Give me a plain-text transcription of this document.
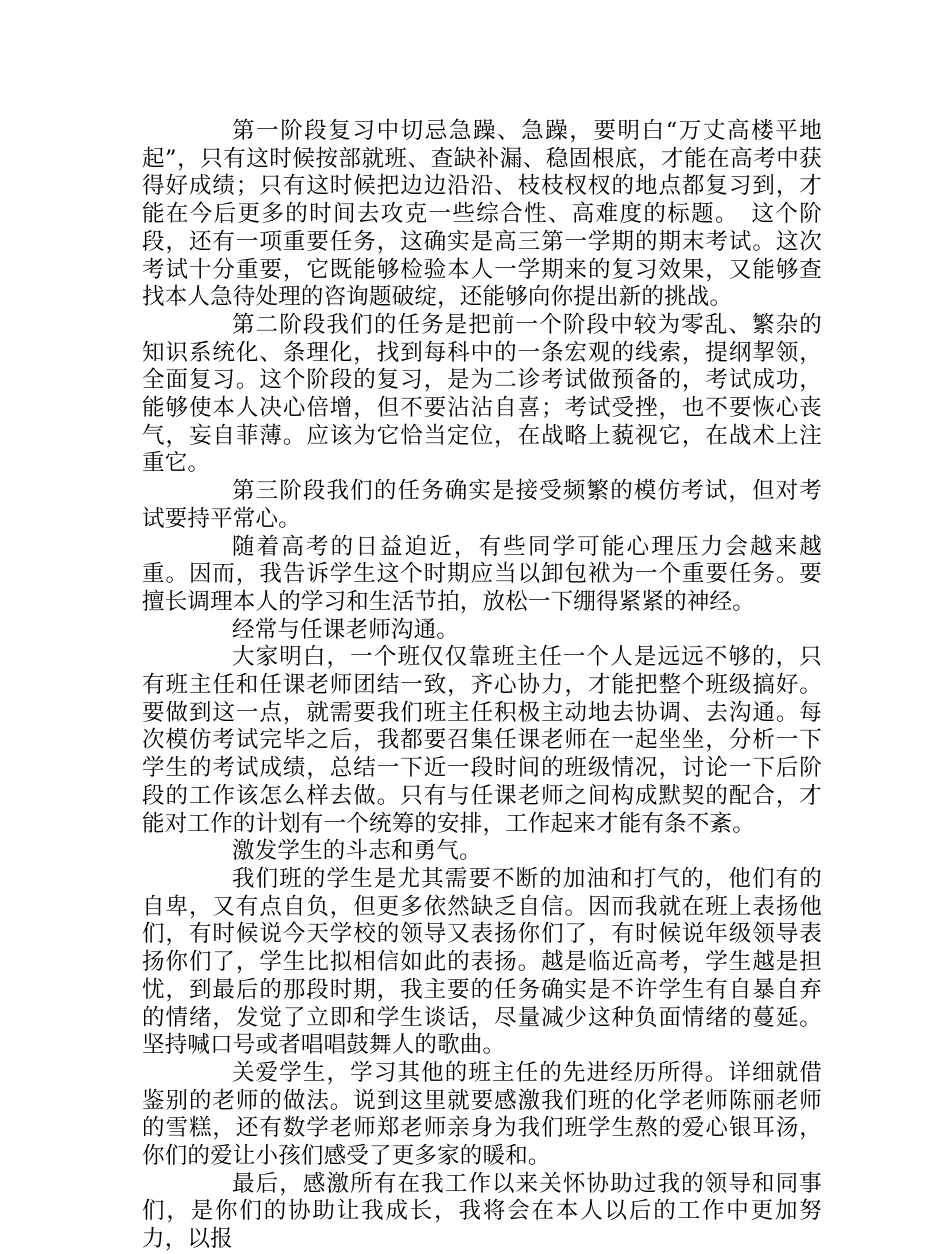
第一阶段复习中切忌急躁、急躁，要明白“万丈高楼平地起”，只有这时候按部就班、查缺补漏、稳固根底，才能在高考中获得好成绩；只有这时候把边边沿沿、枝枝杈杈的地点都复习到，才能在今后更多的时间去攻克一些综合性、高难度的标题。　这个阶段，还有一项重要任务，这确实是高三第一学期的期末考试。这次考试十分重要，它既能够检验本人一学期来的复习效果，又能够查找本人急待处理的咨询题破绽，还能够向你提出新的挑战。

第二阶段我们的任务是把前一个阶段中较为零乱、繁杂的知识系统化、条理化，找到每科中的一条宏观的线索，提纲挈领，全面复习。这个阶段的复习，是为二诊考试做预备的，考试成功，能够使本人决心倍增，但不要沾沾自喜；考试受挫，也不要恢心丧气，妄自菲薄。应该为它恰当定位，在战略上藐视它，在战术上注重它。

第三阶段我们的任务确实是接受频繁的模仿考试，但对考试要持平常心。

随着高考的日益迫近，有些同学可能心理压力会越来越重。因而，我告诉学生这个时期应当以卸包袱为一个重要任务。要擅长调理本人的学习和生活节拍，放松一下绷得紧紧的神经。

经常与任课老师沟通。

大家明白，一个班仅仅靠班主任一个人是远远不够的，只有班主任和任课老师团结一致，齐心协力，才能把整个班级搞好。要做到这一点，就需要我们班主任积极主动地去协调、去沟通。每次模仿考试完毕之后，我都要召集任课老师在一起坐坐，分析一下学生的考试成绩，总结一下近一段时间的班级情况，讨论一下后阶段的工作该怎么样去做。只有与任课老师之间构成默契的配合，才能对工作的计划有一个统筹的安排，工作起来才能有条不紊。

激发学生的斗志和勇气。

我们班的学生是尤其需要不断的加油和打气的，他们有的自卑，又有点自负，但更多依然缺乏自信。因而我就在班上表扬他们，有时候说今天学校的领导又表扬你们了，有时候说年级领导表扬你们了，学生比拟相信如此的表扬。越是临近高考，学生越是担忧，到最后的那段时期，我主要的任务确实是不许学生有自暴自弃的情绪，发觉了立即和学生谈话，尽量减少这种负面情绪的蔓延。坚持喊口号或者唱唱鼓舞人的歌曲。

关爱学生，学习其他的班主任的先进经历所得。详细就借鉴别的老师的做法。说到这里就要感激我们班的化学老师陈丽老师的雪糕，还有数学老师郑老师亲身为我们班学生熬的爱心银耳汤，你们的爱让小孩们感受了更多家的暖和。

最后，感激所有在我工作以来关怀协助过我的领导和同事们，是你们的协助让我成长，我将会在本人以后的工作中更加努力，以报
